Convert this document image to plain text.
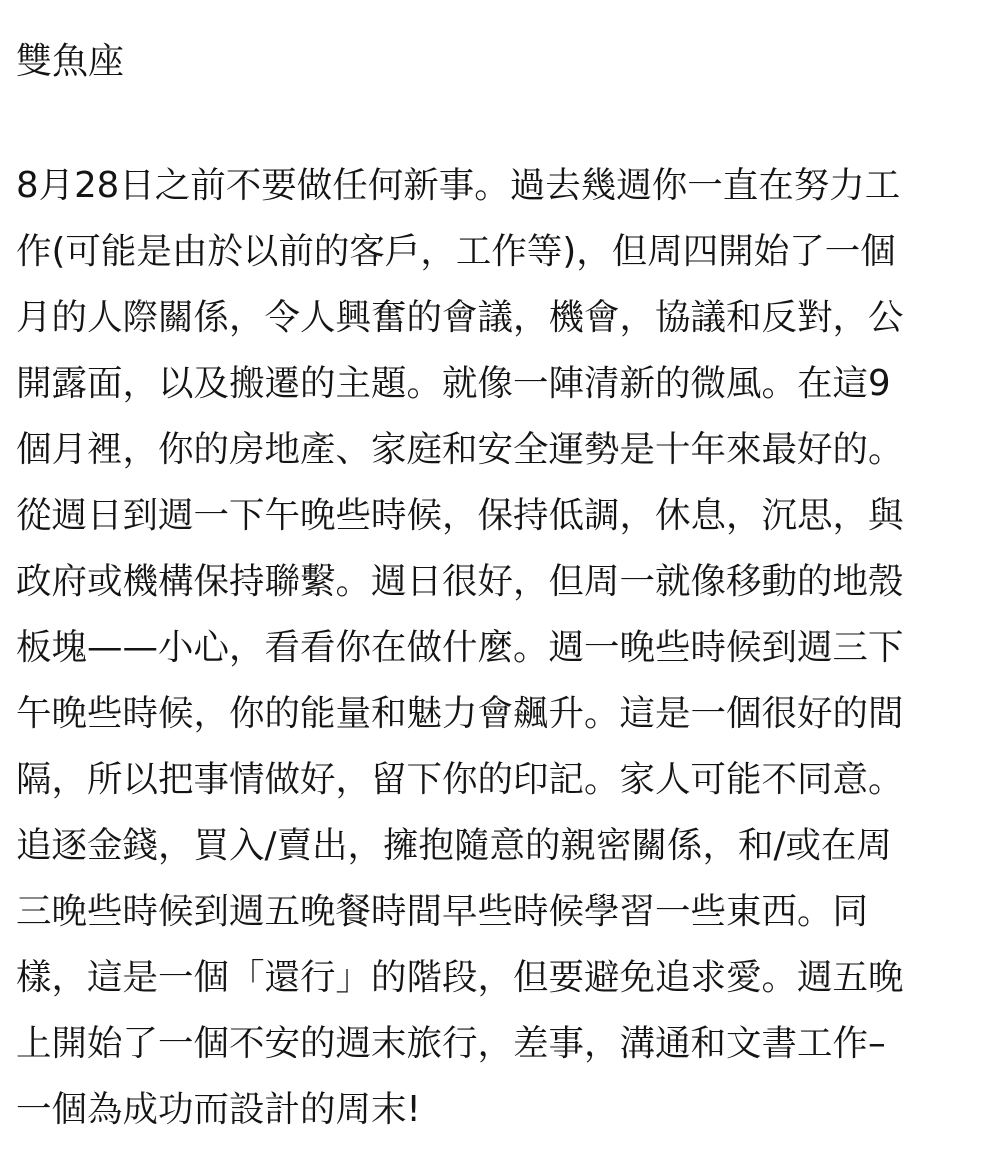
雙魚座
8月28日之前不要做任何新事。過去幾週你一直在努力工
作(可能是由於以前的客戶，工作等)，但周四開始了一個
月的人際關係，令人興奮的會議，機會，協議和反對，公
開露面，以及搬遷的主題。就像一陣清新的微風。在這9
個月裡，你的房地產、家庭和安全運勢是十年來最好的。
從週日到週一下午晚些時候，保持低調，休息，沉思，與
政府或機構保持聯繫。週日很好，但周一就像移動的地殼
板塊——小心，看看你在做什麼。週一晚些時候到週三下
午晚些時候，你的能量和魅力會飆升。這是一個很好的間
隔，所以把事情做好，留下你的印記。家人可能不同意。
追逐金錢，買入/賣出，擁抱隨意的親密關係，和/或在周
三晚些時候到週五晚餐時間早些時候學習一些東西。同
樣，這是一個「還行」的階段，但要避免追求愛。週五晚
上開始了一個不安的週末旅行，差事，溝通和文書工作–
一個為成功而設計的周末!
